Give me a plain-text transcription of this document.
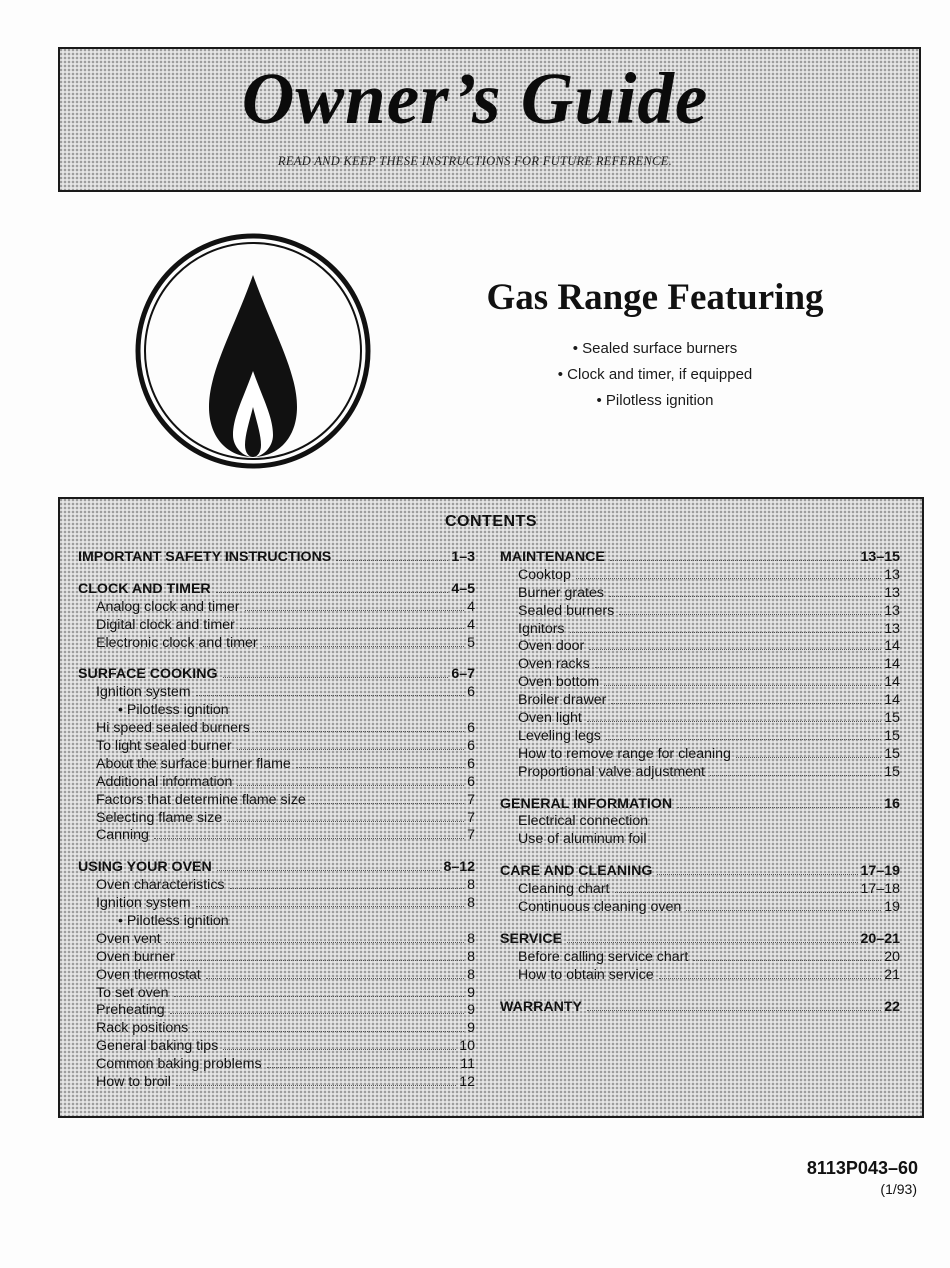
Owner’s Guide
READ AND KEEP THESE INSTRUCTIONS FOR FUTURE REFERENCE.
Gas Range Featuring
• Sealed surface burners
• Clock and timer, if equipped
• Pilotless ignition
CONTENTS
IMPORTANT SAFETY INSTRUCTIONS	1–3
CLOCK AND TIMER	4–5
Analog clock and timer	4
Digital clock and timer	4
Electronic clock and timer	5
SURFACE COOKING	6–7
Ignition system	6
• Pilotless ignition
Hi speed sealed burners	6
To light sealed burner	6
About the surface burner flame	6
Additional information	6
Factors that determine flame size	7
Selecting flame size	7
Canning	7
USING YOUR OVEN	8–12
Oven characteristics	8
Ignition system	8
• Pilotless ignition
Oven vent	8
Oven burner	8
Oven thermostat	8
To set oven	9
Preheating	9
Rack positions	9
General baking tips	10
Common baking problems	11
How to broil	12
MAINTENANCE	13–15
Cooktop	13
Burner grates	13
Sealed burners	13
Ignitors	13
Oven door	14
Oven racks	14
Oven bottom	14
Broiler drawer	14
Oven light	15
Leveling legs	15
How to remove range for cleaning	15
Proportional valve adjustment	15
GENERAL INFORMATION	16
Electrical connection
Use of aluminum foil
CARE AND CLEANING	17–19
Cleaning chart	17–18
Continuous cleaning oven	19
SERVICE	20–21
Before calling service chart	20
How to obtain service	21
WARRANTY	22
8113P043–60
(1/93)
